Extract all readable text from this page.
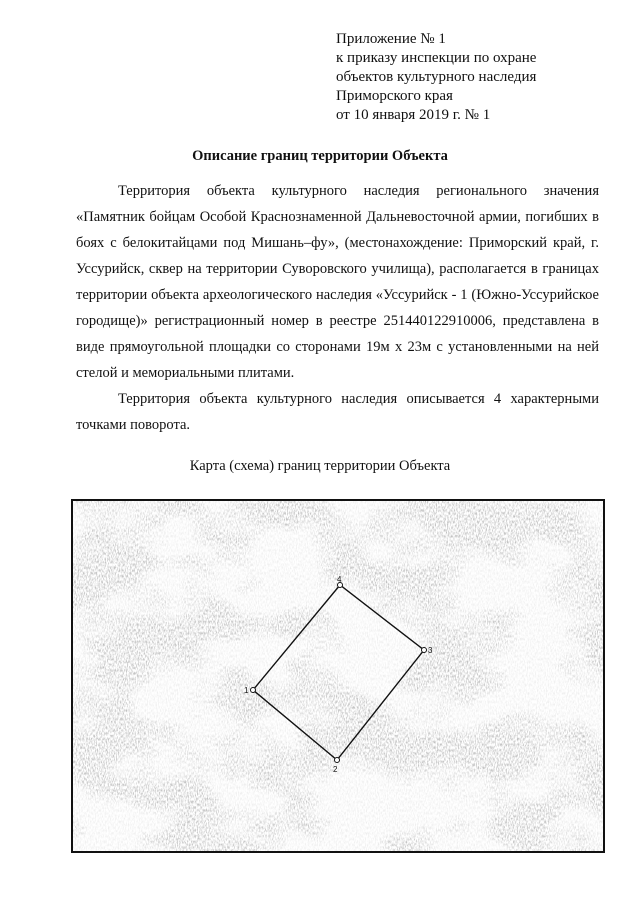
Приложение № 1
к приказу инспекции по охране
объектов культурного наследия
Приморского края
от 10 января 2019 г. № 1
Описание границ территории Объекта

Территория объекта культурного наследия регионального значения «Памятник бойцам Особой Краснознаменной Дальневосточной армии, погибших в боях с белокитайцами под Мишань–фу», (местонахождение: Приморский край, г. Уссурийск, сквер на территории Суворовского училища), располагается в границах территории объекта археологического наследия «Уссурийск - 1 (Южно-Уссурийское городище)» регистрационный номер в реестре 251440122910006, представлена в виде прямоугольной площадки со сторонами 19м х 23м с установленными на ней стелой и мемориальными плитами.

Территория объекта культурного наследия описывается 4 характерными точками поворота.

Карта (схема) границ территории Объекта
1
2
3
4
